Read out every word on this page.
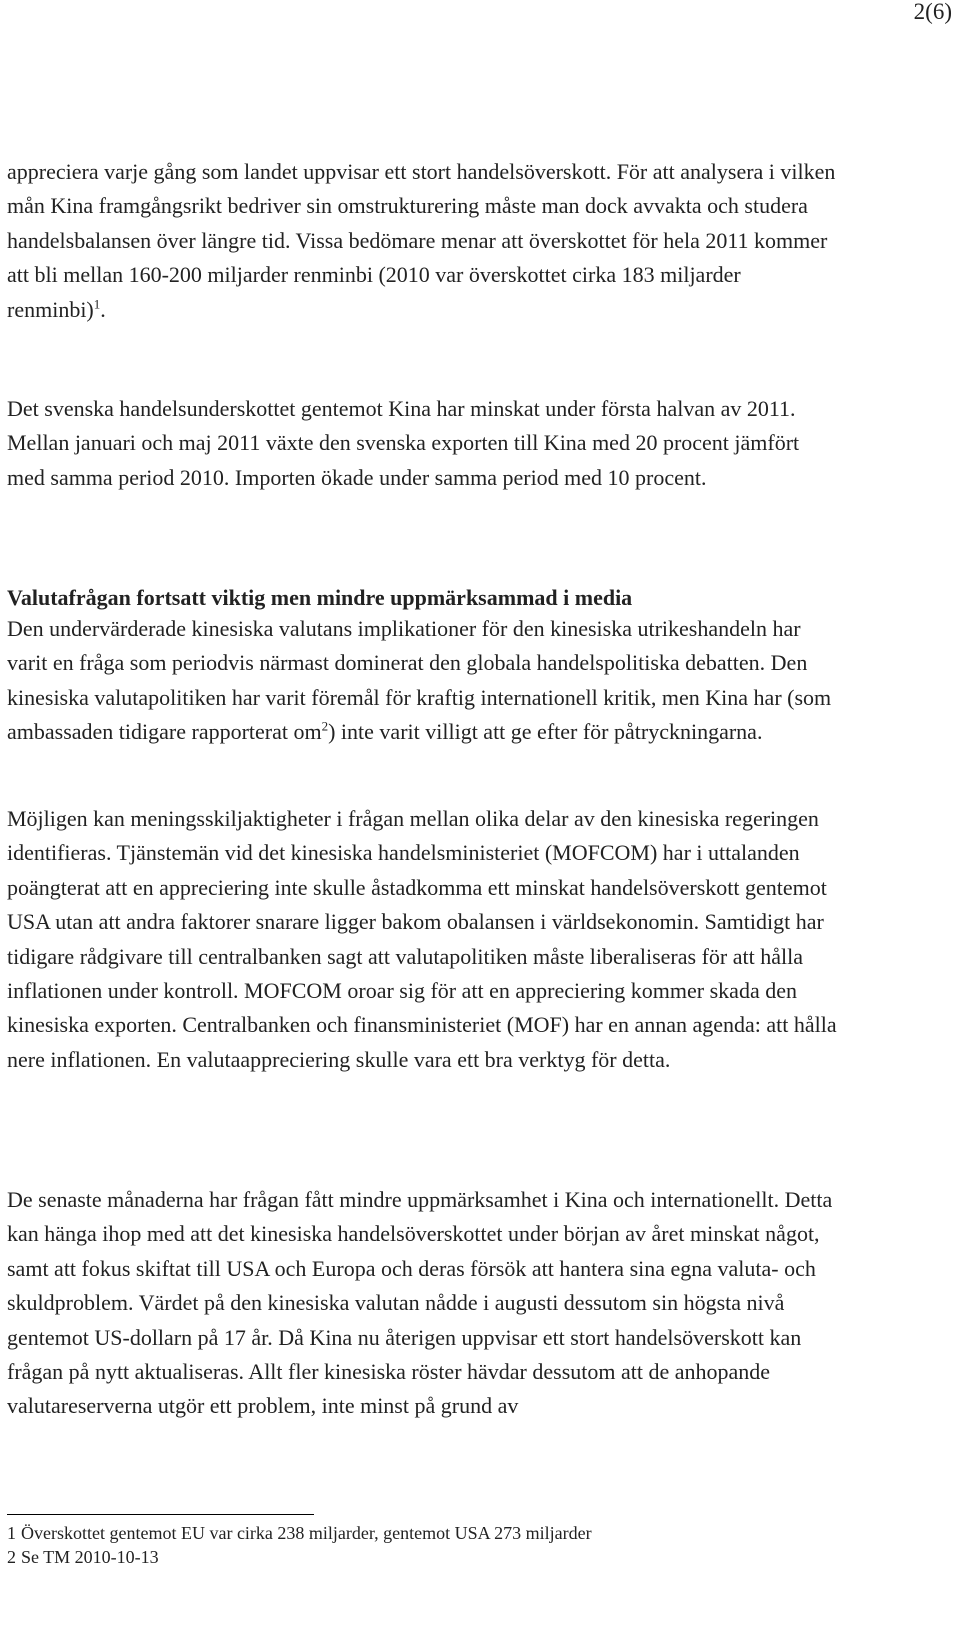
2(6)

appreciera varje gång som landet uppvisar ett stort handelsöverskott. För att analysera i vilken mån Kina framgångsrikt bedriver sin omstrukturering måste man dock avvakta och studera handelsbalansen över längre tid. Vissa bedömare menar att överskottet för hela 2011 kommer att bli mellan 160-200 miljarder renminbi (2010 var överskottet cirka 183 miljarder renminbi)$^1$.

Det svenska handelsunderskottet gentemot Kina har minskat under första halvan av 2011. Mellan januari och maj 2011 växte den svenska exporten till Kina med 20 procent jämfört med samma period 2010. Importen ökade under samma period med 10 procent.

Valutafrågan fortsatt viktig men mindre uppmärksammad i media

Den undervärderade kinesiska valutans implikationer för den kinesiska utrikeshandeln har varit en fråga som periodvis närmast dominerat den globala handelspolitiska debatten. Den kinesiska valutapolitiken har varit föremål för kraftig internationell kritik, men Kina har (som ambassaden tidigare rapporterat $om^2$) inte varit villigt att ge efter för påtryckningarna.

Möjligen kan meningsskiljaktigheter i frågan mellan olika delar av den kinesiska regeringen identifieras. Tjänstemän vid det kinesiska handelsministeriet (MOFCOM) har i uttalanden poängterat att en appreciering inte skulle åstadkomma ett minskat handelsöverskott gentemot USA utan att andra faktorer snarare ligger bakom obalansen i världsekonomin. Samtidigt har tidigare rådgivare till centralbanken sagt att valutapolitiken måste liberaliseras för att hålla inflationen under kontroll. MOFCOM oroar sig för att en appreciering kommer skada den kinesiska exporten. Centralbanken och finansministeriet (MOF) har en annan agenda: att hålla nere inflationen. En valutaappreciering skulle vara ett bra verktyg för detta.

De senaste månaderna har frågan fått mindre uppmärksamhet i Kina och internationellt. Detta kan hänga ihop med att det kinesiska handelsöverskottet under början av året minskat något, samt att fokus skiftat till USA och Europa och deras försök att hantera sina egna valuta- och skuldproblem. Värdet på den kinesiska valutan nådde i augusti dessutom sin högsta nivå gentemot US-dollarn på 17 år. Då Kina nu återigen uppvisar ett stort handelsöverskott kan frågan på nytt aktualiseras. Allt fler kinesiska röster hävdar dessutom att de anhopande valutareserverna utgör ett problem, inte minst på grund av

1 Överskottet gentemot EU var cirka 238 miljarder, gentemot USA 273 miljarder

2 Se TM 2010-10-13
